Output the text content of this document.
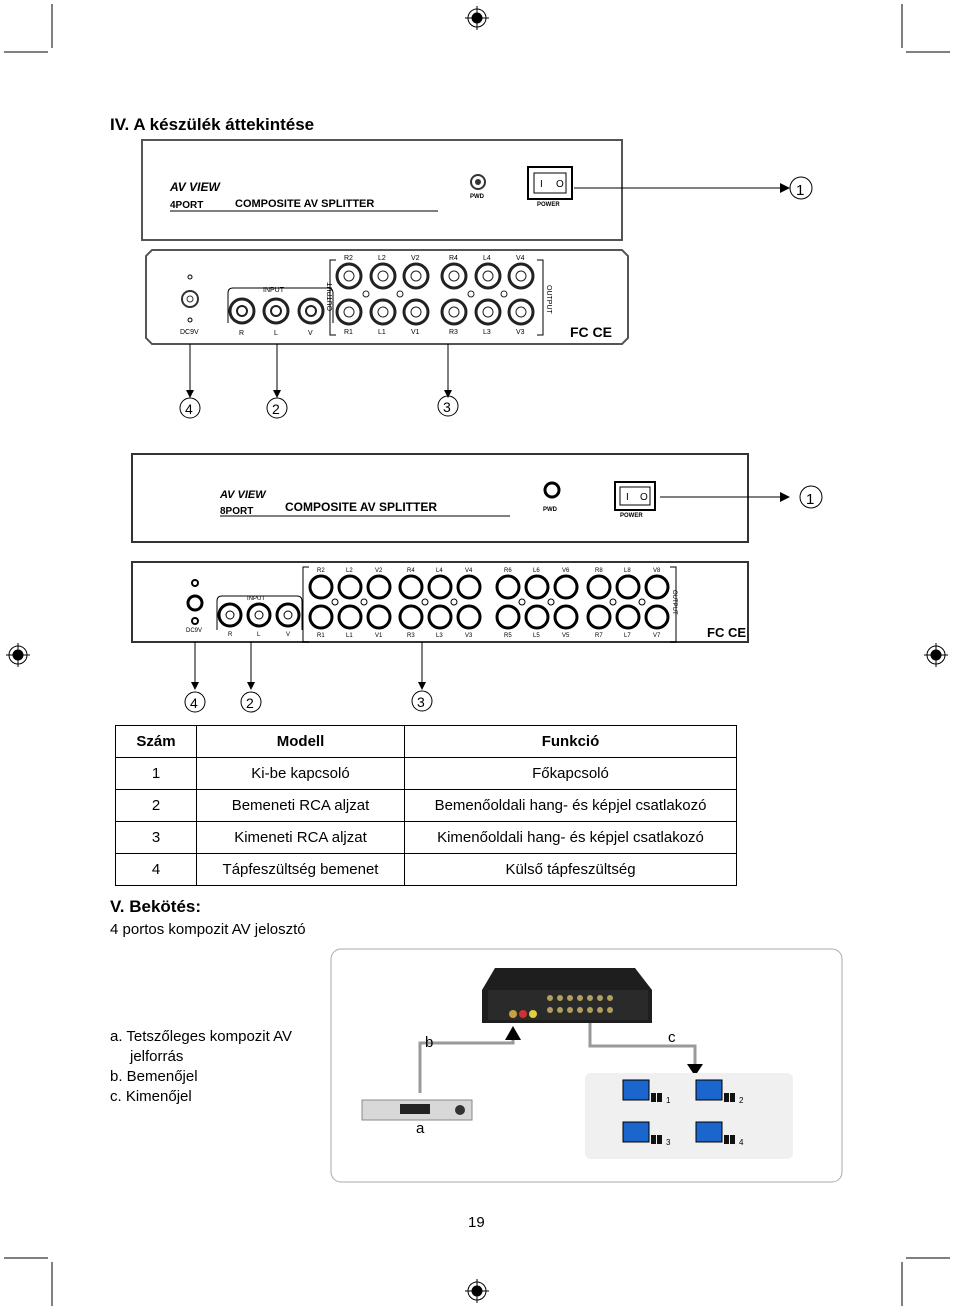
IV. A készülék áttekintése
AV VIEW
4PORT	COMPOSITE AV SPLITTER
PWD
I O
POWER
1
DC9V
INPUT
R	L	V
OUTPUT	OUTPUT
R2	L2	V2	R4	L4	V4
R1	L1	V1	R3	L3	V3	FC CE
4	2	3
AV VIEW
8PORT	COMPOSITE AV SPLITTER	PWD
I O
POWER
1
DC9V
INPUT
R	L	V
OUTPUT
R2	L2	V2	R4	L4	V4	R6	L6	V6	R8	L8	V8
R1	L1	V1	R3	L3	V3	R5	L5	V5	R7	L7	V7	FC CE
4	2	3
Szám	Modell	Funkció
1	Ki-be kapcsoló	Főkapcsoló
2	Bemeneti RCA aljzat	Bemenőoldali hang- és képjel csatlakozó
3	Kimeneti RCA aljzat	Kimenőoldali hang- és képjel csatlakozó
4	Tápfeszültség bemenet	Külső tápfeszültség
V. Bekötés:
4 portos kompozit AV jelosztó
a. Tetszőleges kompozit AV
jelforrás
b. Bemenőjel
c. Kimenőjel
b	c
a
1	2
3	4
19
